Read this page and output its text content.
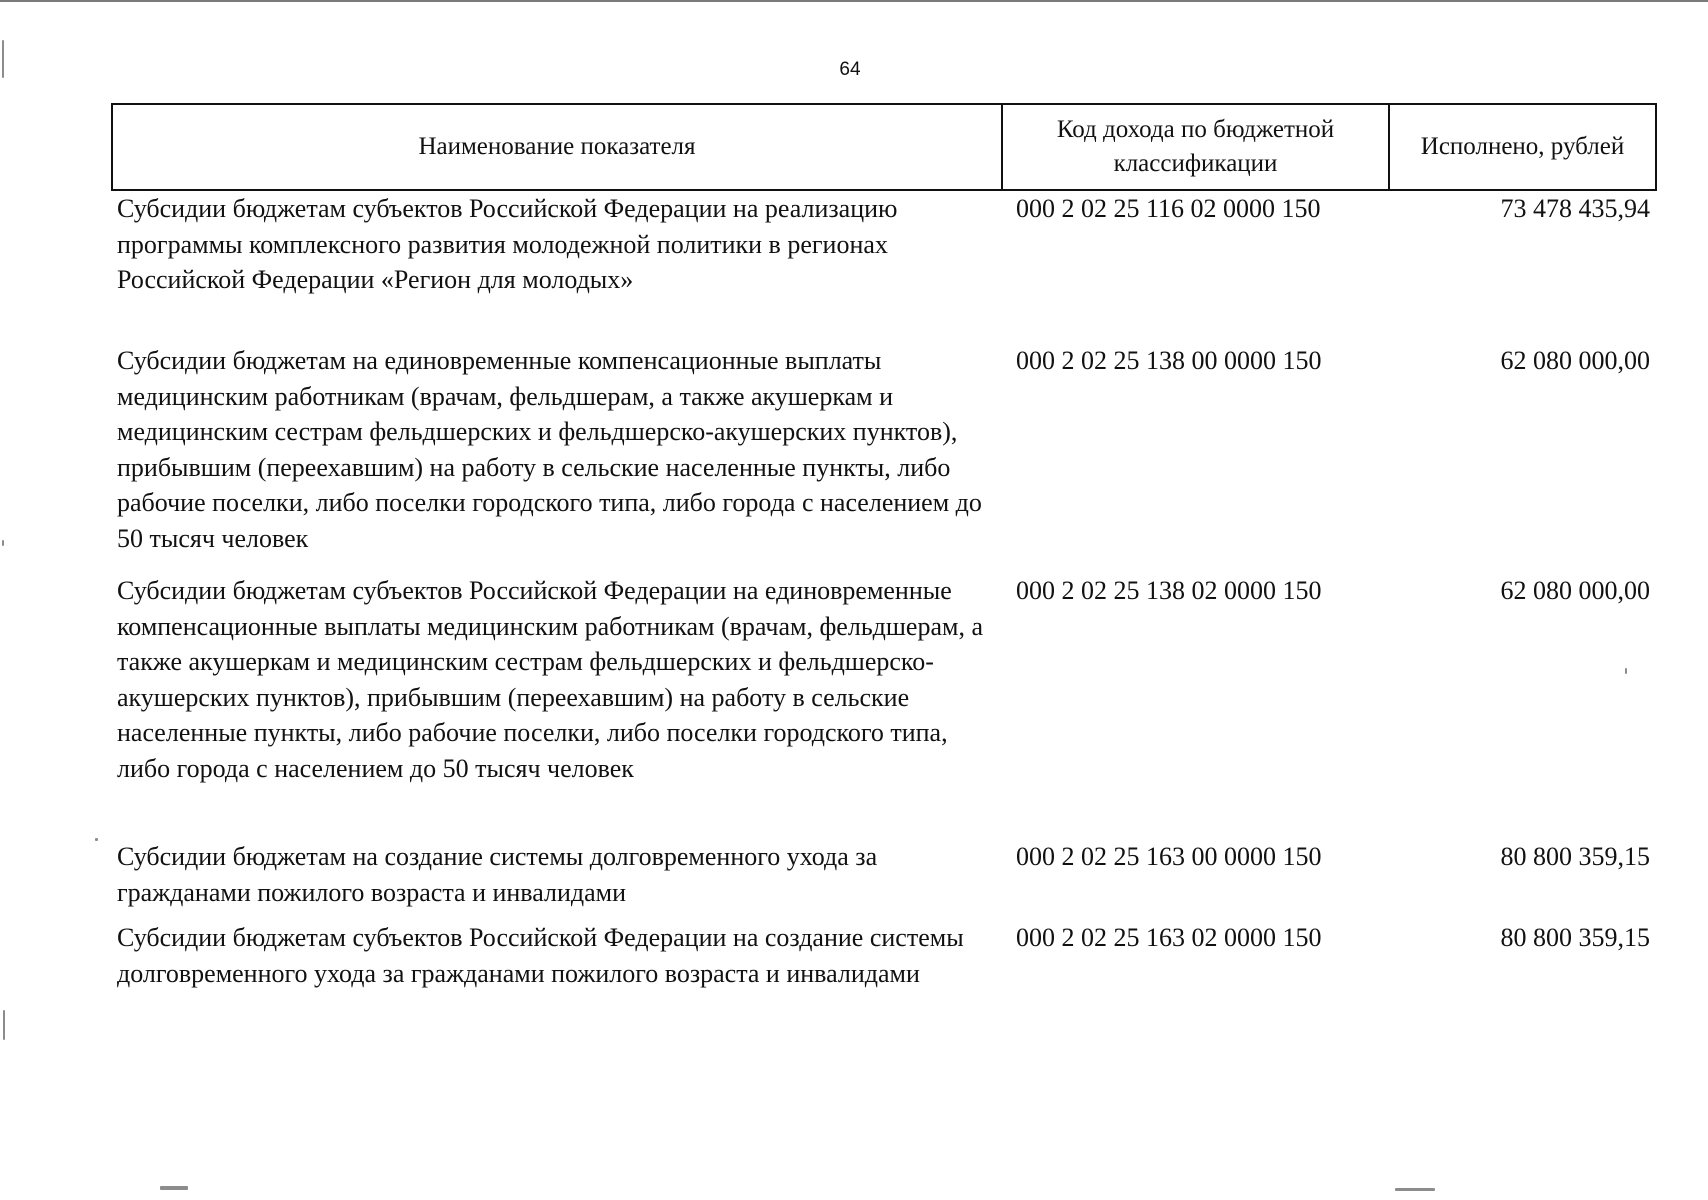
64
Наименование показателя	Код дохода по бюджетной классификации	Исполнено, рублей
Субсидии бюджетам субъектов Российской Федерации на реализацию программы комплексного развития молодежной политики в регионах Российской Федерации «Регион для молодых»	000 2 02 25 116 02 0000 150	73 478 435,94
Субсидии бюджетам на единовременные компенсационные выплаты медицинским работникам (врачам, фельдшерам, а также акушеркам и медицинским сестрам фельдшерских и фельдшерско-акушерских пунктов), прибывшим (переехавшим) на работу в сельские населенные пункты, либо рабочие поселки, либо поселки городского типа, либо города с населением до 50 тысяч человек	000 2 02 25 138 00 0000 150	62 080 000,00
Субсидии бюджетам субъектов Российской Федерации на единовременные компенсационные выплаты медицинским работникам (врачам, фельдшерам, а также акушеркам и медицинским сестрам фельдшерских и фельдшерско-акушерских пунктов), прибывшим (переехавшим) на работу в сельские населенные пункты, либо рабочие поселки, либо поселки городского типа, либо города с населением до 50 тысяч человек	000 2 02 25 138 02 0000 150	62 080 000,00
Субсидии бюджетам на создание системы долговременного ухода за гражданами пожилого возраста и инвалидами	000 2 02 25 163 00 0000 150	80 800 359,15
Субсидии бюджетам субъектов Российской Федерации на создание системы долговременного ухода за гражданами пожилого возраста и инвалидами	000 2 02 25 163 02 0000 150	80 800 359,15
